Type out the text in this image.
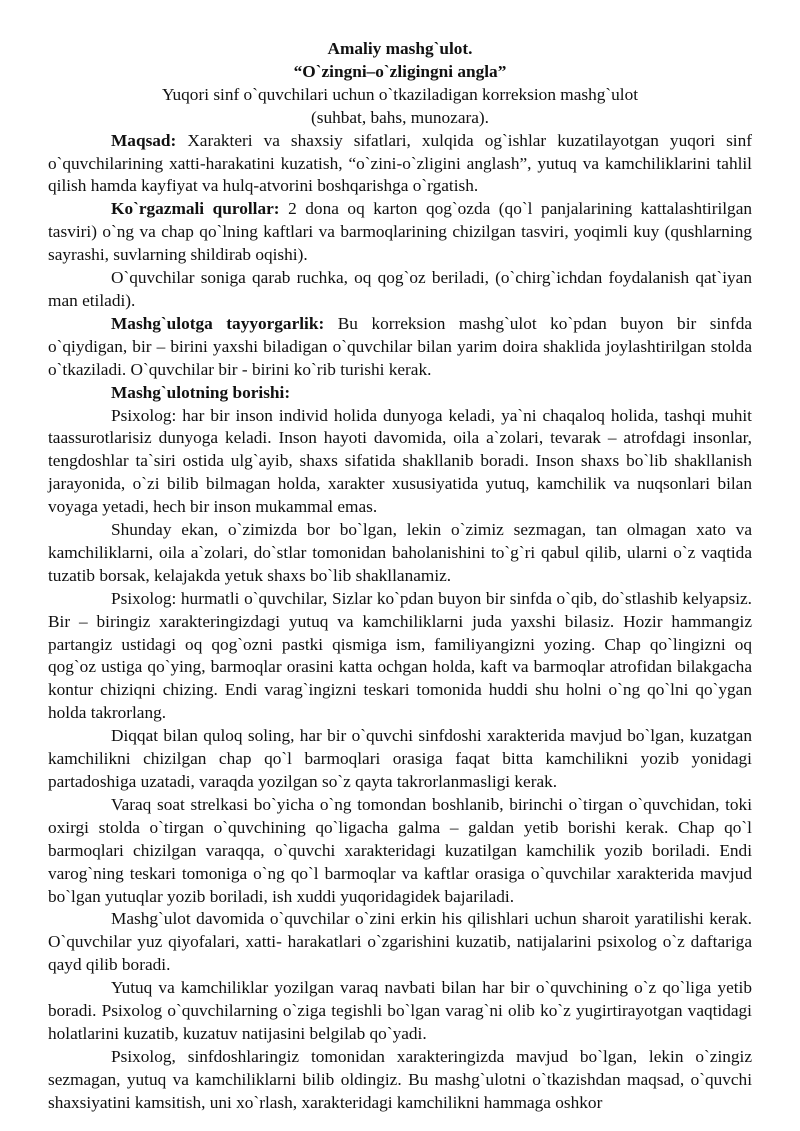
Amaliy mashg`ulot.

“O`zingni–o`zligingni angla”

Yuqori sinf o`quvchilari uchun o`tkaziladigan korreksion mashg`ulot

(suhbat, bahs, munozara).

Maqsad: Xarakteri va shaxsiy sifatlari, xulqida og`ishlar kuzatilayotgan yuqori sinf o`quvchilarining xatti-harakatini kuzatish, “o`zini-o`zligini anglash”, yutuq va kamchiliklarini tahlil qilish hamda kayfiyat va hulq-atvorini boshqarishga o`rgatish.

Ko`rgazmali qurollar: 2 dona oq karton qog`ozda (qo`l panjalarining kattalashtirilgan tasviri) o`ng va chap qo`lning kaftlari va barmoqlarining chizilgan tasviri, yoqimli kuy (qushlarning sayrashi, suvlarning shildirab oqishi).

O`quvchilar soniga qarab ruchka, oq qog`oz beriladi, (o`chirg`ichdan foydalanish qat`iyan man etiladi).

Mashg`ulotga tayyorgarlik: Bu korreksion mashg`ulot ko`pdan buyon bir sinfda o`qiydigan, bir – birini yaxshi biladigan o`quvchilar bilan yarim doira shaklida joylashtirilgan stolda o`tkaziladi. O`quvchilar bir - birini ko`rib turishi kerak.

Mashg`ulotning borishi:

Psixolog: har bir inson individ holida dunyoga keladi, ya`ni chaqaloq holida, tashqi muhit taassurotlarisiz dunyoga keladi. Inson hayoti davomida, oila a`zolari, tevarak – atrofdagi insonlar, tengdoshlar ta`siri ostida ulg`ayib, shaxs sifatida shakllanib boradi. Inson shaxs bo`lib shakllanish jarayonida, o`zi bilib bilmagan holda, xarakter xususiyatida yutuq, kamchilik va nuqsonlari bilan voyaga yetadi, hech bir inson mukammal emas.

Shunday ekan, o`zimizda bor bo`lgan, lekin o`zimiz sezmagan, tan olmagan xato va kamchiliklarni, oila a`zolari, do`stlar tomonidan baholanishini to`g`ri qabul qilib, ularni o`z vaqtida tuzatib borsak, kelajakda yetuk shaxs bo`lib shakllanamiz.

Psixolog: hurmatli o`quvchilar, Sizlar ko`pdan buyon bir sinfda o`qib, do`stlashib kelyapsiz. Bir – biringiz xarakteringizdagi yutuq va kamchiliklarni juda yaxshi bilasiz. Hozir hammangiz partangiz ustidagi oq qog`ozni pastki qismiga ism, familiyangizni yozing. Chap qo`lingizni oq qog`oz ustiga qo`ying, barmoqlar orasini katta ochgan holda, kaft va barmoqlar atrofidan bilakgacha kontur chiziqni chizing. Endi varag`ingizni teskari tomonida huddi shu holni o`ng qo`lni qo`ygan holda takrorlang.

Diqqat bilan quloq soling, har bir o`quvchi sinfdoshi xarakterida mavjud bo`lgan, kuzatgan kamchilikni chizilgan chap qo`l barmoqlari orasiga faqat bitta kamchilikni yozib yonidagi partadoshiga uzatadi, varaqda yozilgan so`z qayta takrorlanmasligi kerak.

Varaq soat strelkasi bo`yicha o`ng tomondan boshlanib, birinchi o`tirgan o`quvchidan, toki oxirgi stolda o`tirgan o`quvchining qo`ligacha galma – galdan yetib borishi kerak. Chap qo`l barmoqlari chizilgan varaqqa, o`quvchi xarakteridagi kuzatilgan kamchilik yozib boriladi. Endi varog`ning teskari tomoniga o`ng qo`l barmoqlar va kaftlar orasiga o`quvchilar xarakterida mavjud bo`lgan yutuqlar yozib boriladi, ish xuddi yuqoridagidek bajariladi.

Mashg`ulot davomida o`quvchilar o`zini erkin his qilishlari uchun sharoit yaratilishi kerak. O`quvchilar yuz qiyofalari, xatti- harakatlari o`zgarishini kuzatib, natijalarini psixolog o`z daftariga qayd qilib boradi.

Yutuq va kamchiliklar yozilgan varaq navbati bilan har bir o`quvchining o`z qo`liga yetib boradi. Psixolog o`quvchilarning o`ziga tegishli bo`lgan varag`ni olib ko`z yugirtirayotgan vaqtidagi holatlarini kuzatib, kuzatuv natijasini belgilab qo`yadi.

Psixolog, sinfdoshlaringiz tomonidan xarakteringizda mavjud bo`lgan, lekin o`zingiz sezmagan, yutuq va kamchiliklarni bilib oldingiz. Bu mashg`ulotni o`tkazishdan maqsad, o`quvchi shaxsiyatini kamsitish, uni xo`rlash, xarakteridagi kamchilikni hammaga oshkor
